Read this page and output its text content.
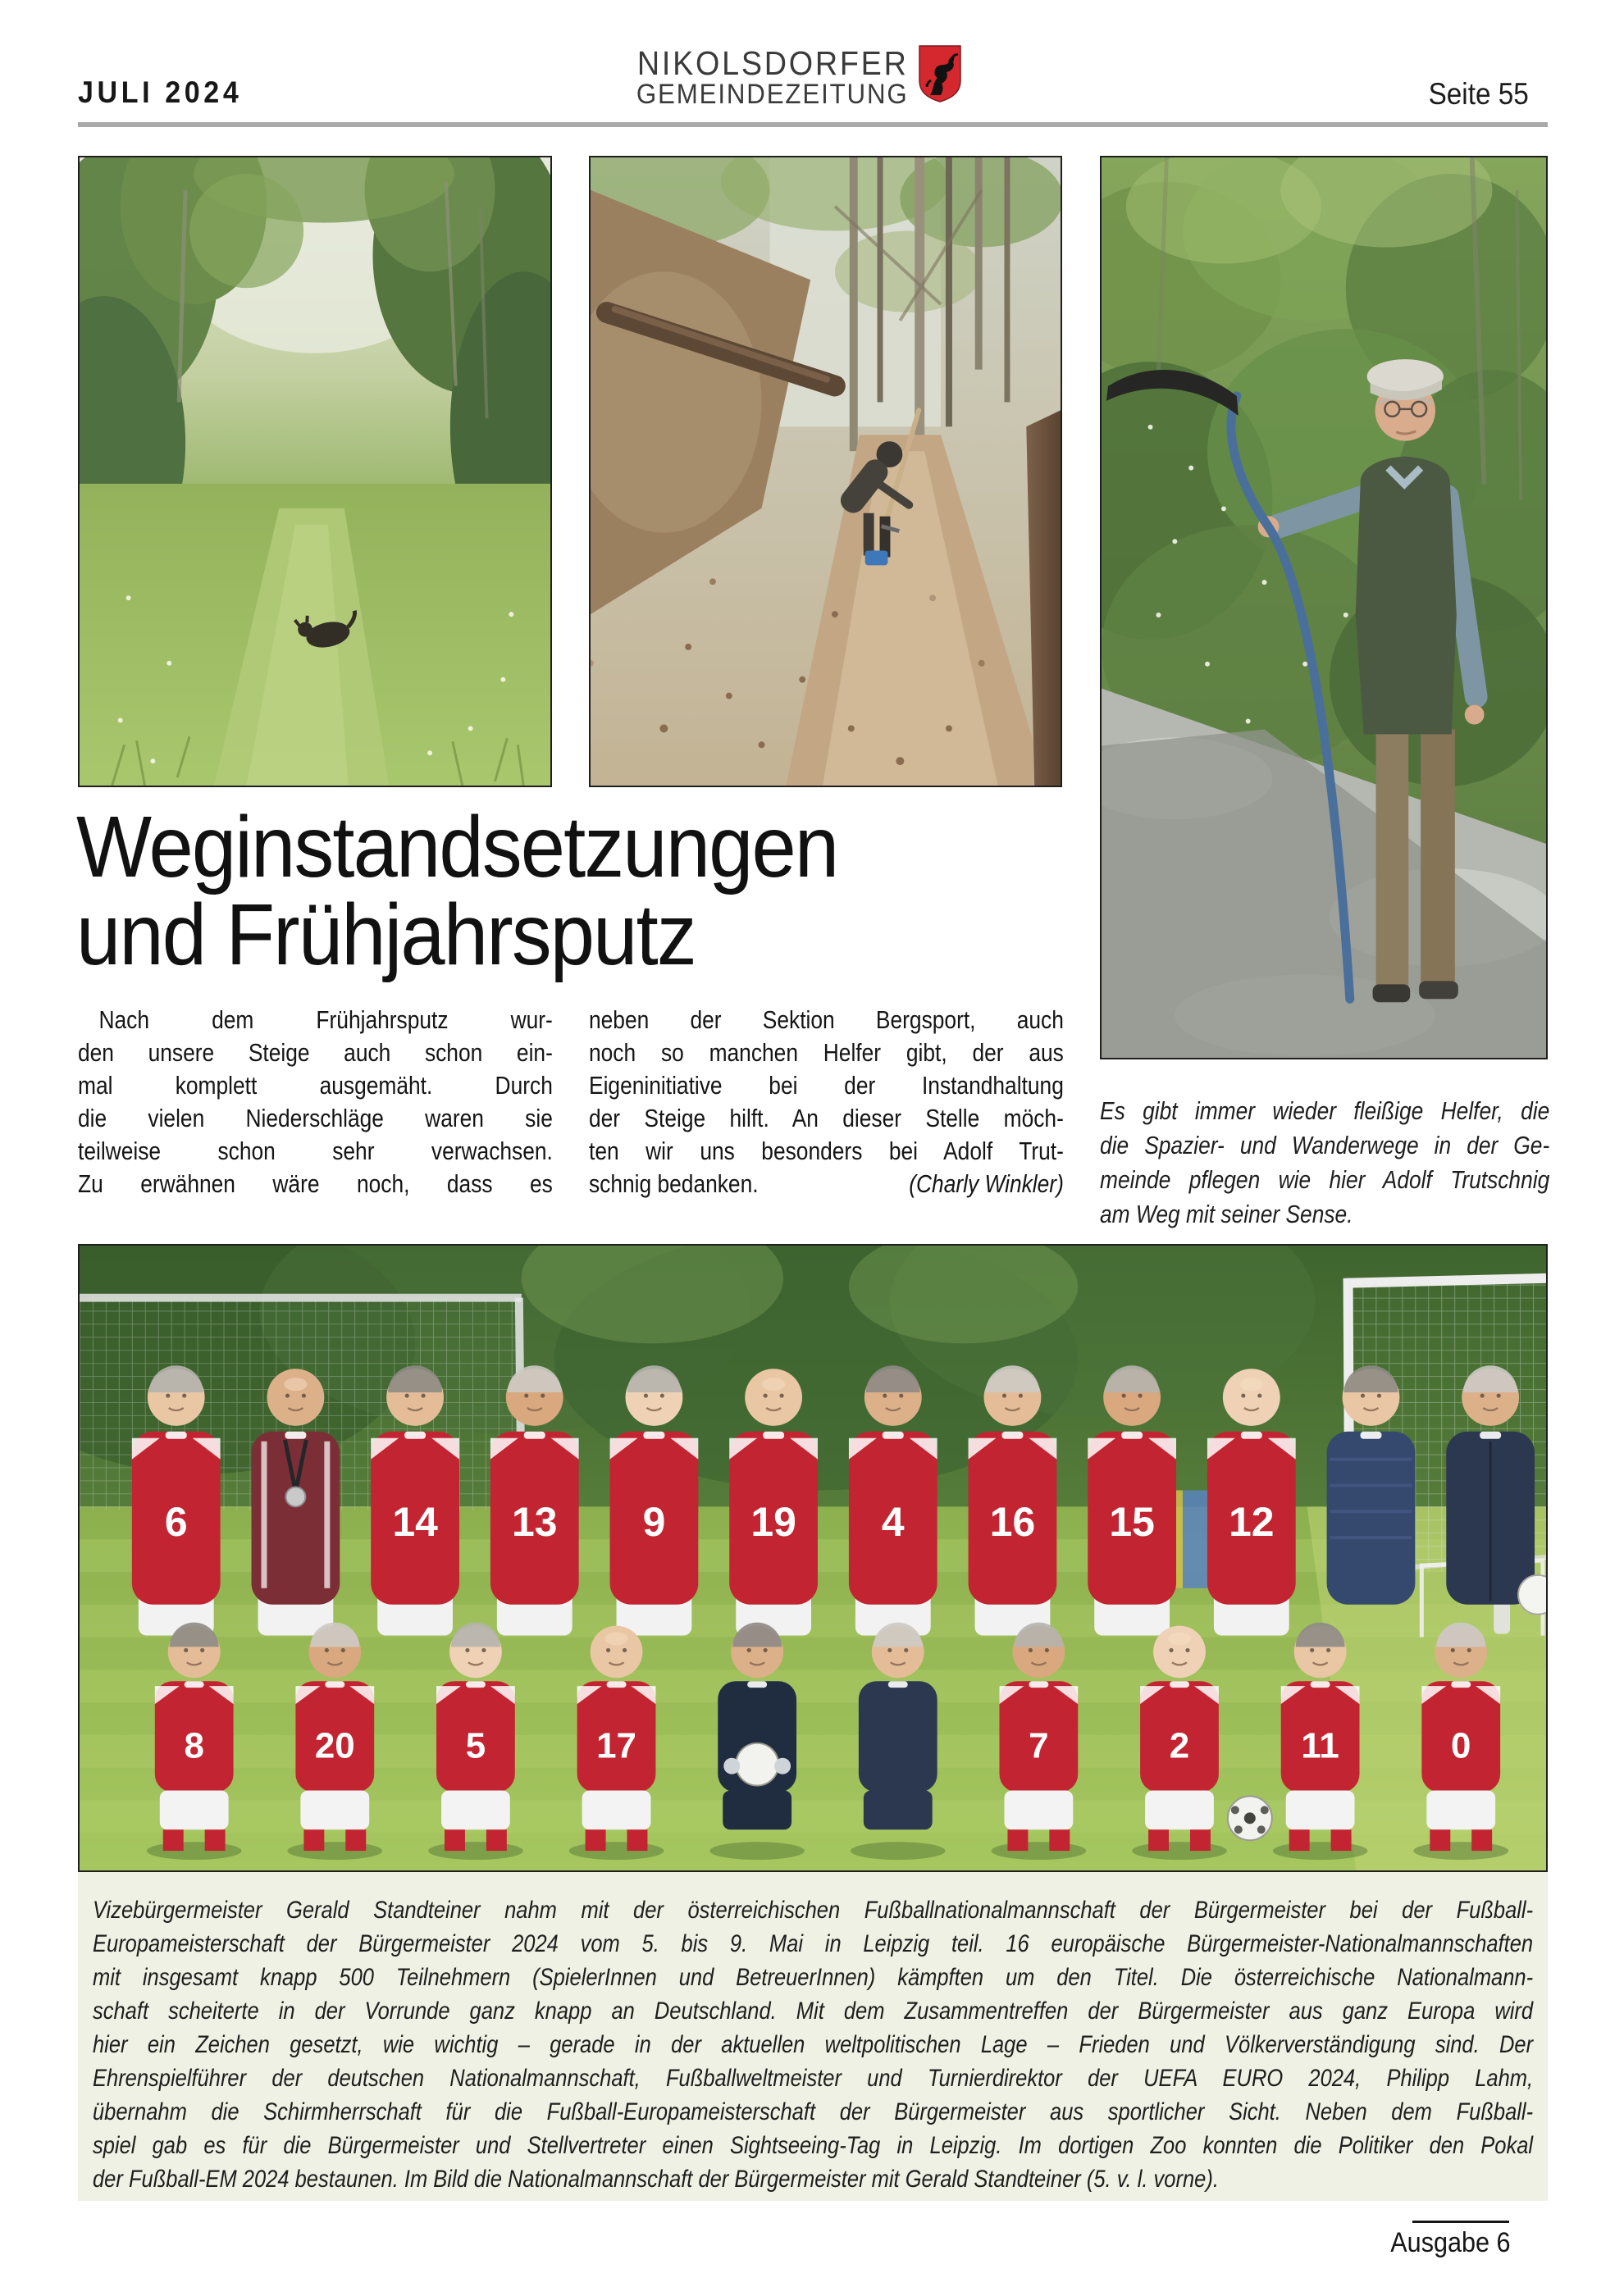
JULI 2024
NIKOLSDORFER
GEMEINDEZEITUNG	Seite 55
Weginstandsetzungen
und Frühjahrsputz
Nach dem Frühjahrsputz wur-
den unsere Steige auch schon ein-
mal komplett ausgemäht. Durch
die vielen Niederschläge waren sie
teilweise schon sehr verwachsen.
Zu erwähnen wäre noch, dass es
neben der Sektion Bergsport, auch
noch so manchen Helfer gibt, der aus
Eigeninitiative bei der Instandhaltung
der Steige hilft. An dieser Stelle möch-
ten wir uns besonders bei Adolf Trut-
schnig bedanken.	(Charly Winkler)
Es gibt immer wieder fleißige Helfer, die
die Spazier- und Wanderwege in der Ge-
meinde pflegen wie hier Adolf Trutschnig
am Weg mit seiner Sense.
6	14 13 9 19 4 16 15 12
8	20	5	17	7	2	11	0
Vizebürgermeister Gerald Standteiner nahm mit der österreichischen Fußballnationalmannschaft der Bürgermeister bei der Fußball-
Europameisterschaft der Bürgermeister 2024 vom 5. bis 9. Mai in Leipzig teil. 16 europäische Bürgermeister-Nationalmannschaften
mit insgesamt knapp 500 Teilnehmern (SpielerInnen und BetreuerInnen) kämpften um den Titel. Die österreichische Nationalmann-
schaft scheiterte in der Vorrunde ganz knapp an Deutschland. Mit dem Zusammentreffen der Bürgermeister aus ganz Europa wird
hier ein Zeichen gesetzt, wie wichtig – gerade in der aktuellen weltpolitischen Lage – Frieden und Völkerverständigung sind. Der
Ehrenspielführer der deutschen Nationalmannschaft, Fußballweltmeister und Turnierdirektor der UEFA EURO 2024, Philipp Lahm,
übernahm die Schirmherrschaft für die Fußball-Europameisterschaft der Bürgermeister aus sportlicher Sicht. Neben dem Fußball-
spiel gab es für die Bürgermeister und Stellvertreter einen Sightseeing-Tag in Leipzig. Im dortigen Zoo konnten die Politiker den Pokal
der Fußball-EM 2024 bestaunen. Im Bild die Nationalmannschaft der Bürgermeister mit Gerald Standteiner (5. v. l. vorne).
Ausgabe 6
